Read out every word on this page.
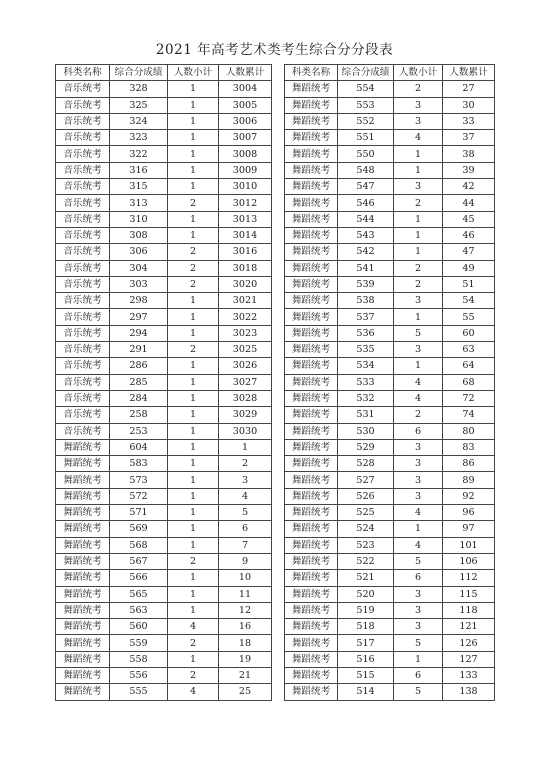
2021 年高考艺术类考生综合分分段表
科类名称	综合分成绩	人数小计	人数累计
音乐统考	328	1	3004
音乐统考	325	1	3005
音乐统考	324	1	3006
音乐统考	323	1	3007
音乐统考	322	1	3008
音乐统考	316	1	3009
音乐统考	315	1	3010
音乐统考	313	2	3012
音乐统考	310	1	3013
音乐统考	308	1	3014
音乐统考	306	2	3016
音乐统考	304	2	3018
音乐统考	303	2	3020
音乐统考	298	1	3021
音乐统考	297	1	3022
音乐统考	294	1	3023
音乐统考	291	2	3025
音乐统考	286	1	3026
音乐统考	285	1	3027
音乐统考	284	1	3028
音乐统考	258	1	3029
音乐统考	253	1	3030
舞蹈统考	604	1	1
舞蹈统考	583	1	2
舞蹈统考	573	1	3
舞蹈统考	572	1	4
舞蹈统考	571	1	5
舞蹈统考	569	1	6
舞蹈统考	568	1	7
舞蹈统考	567	2	9
舞蹈统考	566	1	10
舞蹈统考	565	1	11
舞蹈统考	563	1	12
舞蹈统考	560	4	16
舞蹈统考	559	2	18
舞蹈统考	558	1	19
舞蹈统考	556	2	21
舞蹈统考	555	4	25
科类名称	综合分成绩	人数小计	人数累计
舞蹈统考	554	2	27
舞蹈统考	553	3	30
舞蹈统考	552	3	33
舞蹈统考	551	4	37
舞蹈统考	550	1	38
舞蹈统考	548	1	39
舞蹈统考	547	3	42
舞蹈统考	546	2	44
舞蹈统考	544	1	45
舞蹈统考	543	1	46
舞蹈统考	542	1	47
舞蹈统考	541	2	49
舞蹈统考	539	2	51
舞蹈统考	538	3	54
舞蹈统考	537	1	55
舞蹈统考	536	5	60
舞蹈统考	535	3	63
舞蹈统考	534	1	64
舞蹈统考	533	4	68
舞蹈统考	532	4	72
舞蹈统考	531	2	74
舞蹈统考	530	6	80
舞蹈统考	529	3	83
舞蹈统考	528	3	86
舞蹈统考	527	3	89
舞蹈统考	526	3	92
舞蹈统考	525	4	96
舞蹈统考	524	1	97
舞蹈统考	523	4	101
舞蹈统考	522	5	106
舞蹈统考	521	6	112
舞蹈统考	520	3	115
舞蹈统考	519	3	118
舞蹈统考	518	3	121
舞蹈统考	517	5	126
舞蹈统考	516	1	127
舞蹈统考	515	6	133
舞蹈统考	514	5	138
